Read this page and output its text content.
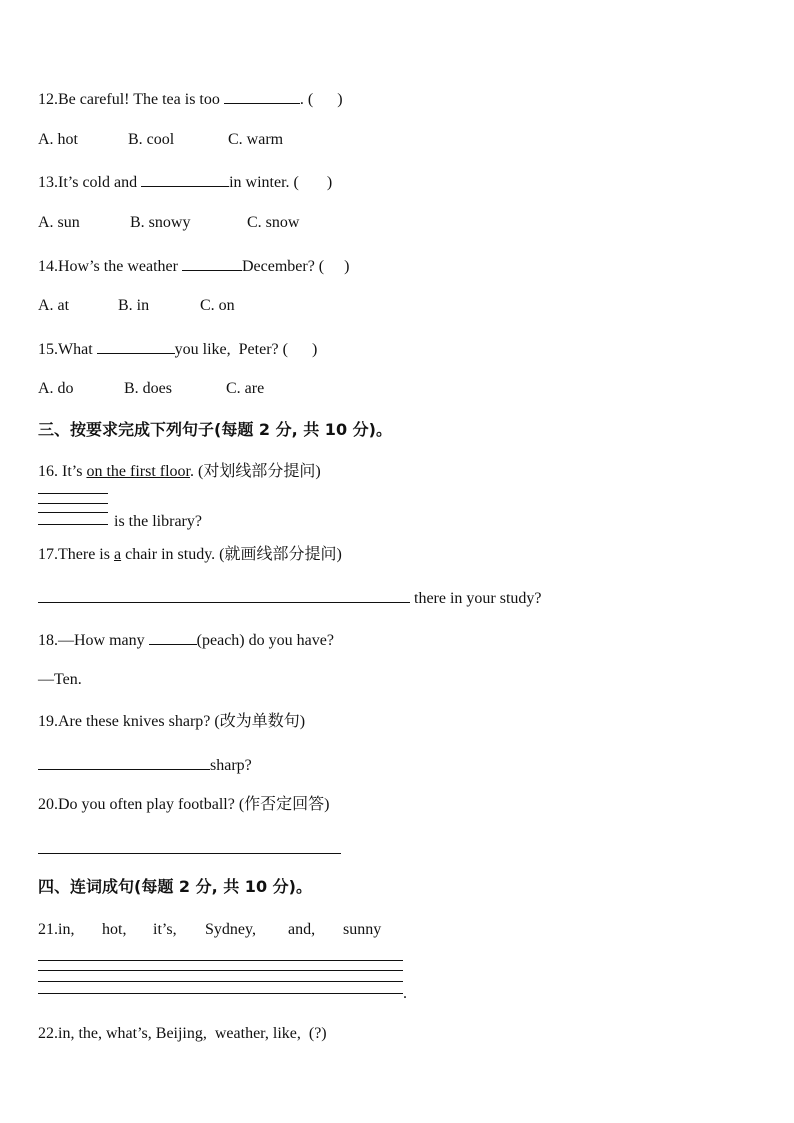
12.Be careful! The tea is too	. (      )
A. hot	B. cool	C. warm
13.It’s cold and	in winter. (       )
A. sun	B. snowy	C. snow
14.How’s the weather	December? (     )
A. at	B. in	C. on
15.What	you like,  Peter? (      )
A. do	B. does	C. are
三、按要求完成下列句子(每题 2 分, 共 10 分)。
16. It’s on the first floor. (对划线部分提问)
is the library?
17.There is a chair in study. (就画线部分提问)
there in your study?
18.—How many	(peach) do you have?
—Ten.
19.Are these knives sharp? (改为单数句)
sharp?
20.Do you often play football? (作否定回答)
四、连词成句(每题 2 分, 共 10 分)。
21.in, hot, it’s, Sydney, and, sunny
.
22.in, the, what’s, Beijing,  weather, like,  (?)
